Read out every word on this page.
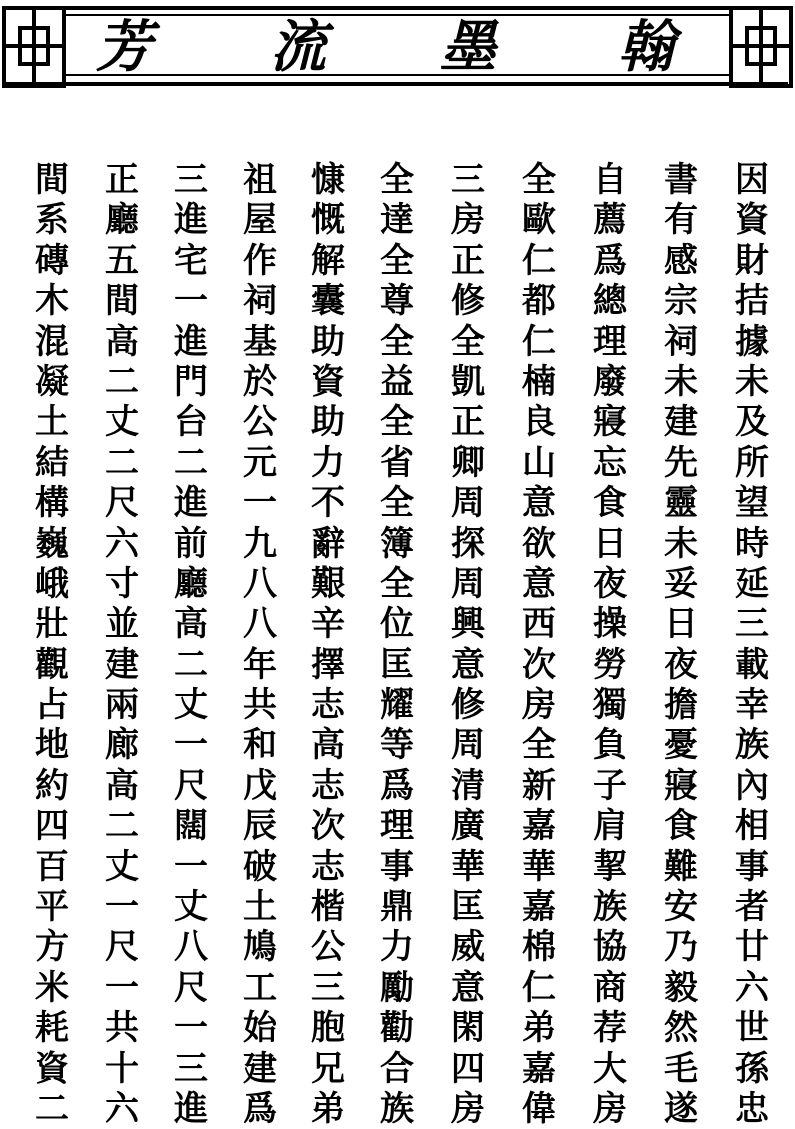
芳 流 墨 翰
因
資
財
拮
據
未
及
所
望
時
延
三
載
幸
族
內
相
事
者
廿
六
世
孫
忠
書
有
感
宗
祠
未
建
先
靈
未
妥
日
夜
擔
憂
寢
食
難
安
乃
毅
然
毛
遂
自
薦
爲
總
理
廢
寢
忘
食
日
夜
操
勞
獨
負
子
肩
挈
族
協
商
荐
大
房
全
歐
仁
都
仁
楠
良
山
意
欲
意
西
次
房
全
新
嘉
華
嘉
棉
仁
弟
嘉
偉
三
房
正
修
全
凱
正
卿
周
探
周
興
意
修
周
清
廣
華
匡
威
意
閑
四
房
全
達
全
尊
全
益
全
省
全
簿
全
位
匡
耀
等
爲
理
事
鼎
力
勵
勸
合
族
慷
慨
解
囊
助
資
助
力
不
辭
艱
辛
擇
志
高
志
次
志
楷
公
三
胞
兄
弟
祖
屋
作
祠
基
於
公
元
一
九
八
八
年
共
和
戊
辰
破
土
鳩
工
始
建
爲
三
進
宅
一
進
門
台
二
進
前
廳
高
二
丈
一
尺
闊
一
丈
八
尺
一
三
進
正
廳
五
間
高
二
丈
二
尺
六
寸
並
建
兩
廊
高
二
丈
一
尺
一
共
十
六
間
系
磚
木
混
凝
土
結
構
巍
峨
壯
觀
占
地
約
四
百
平
方
米
耗
資
二
